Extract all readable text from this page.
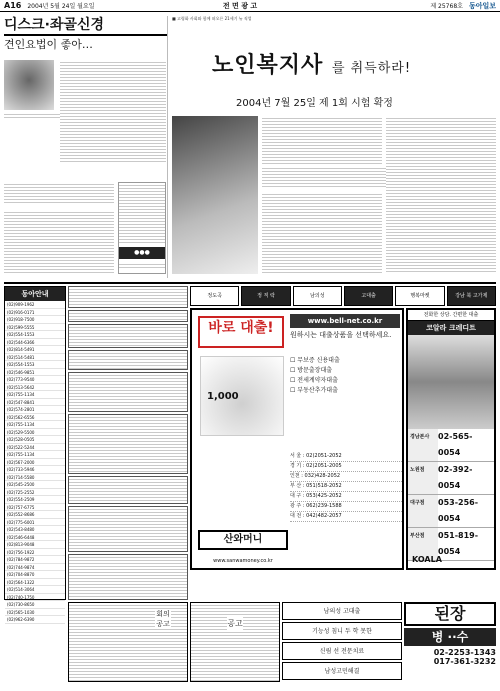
A16 2004년 5월 24일 월요일	전 면 광 고	제 25768호 동아일보
디스크·좌골신경
견인요법이 좋아…
●●●
■ 고령화 사회와 함께 떠오른 21세기 뉴 직업
노인복지사 를 취득하라!
2004년 7월 25일 제 1회 시험 확정
동아안내
(02)909-1962
(02)916-0171
(02)918-7500
(02)599-5555
(02)554-1553
(02)544-6366
(02)814-5491
(02)514-5481
(02)554-1553
(02)546-9851
(02)773-9540
(02)513-5642
(02)755-1134
(02)547-8841
(02)574-2801
(02)562-6556
(02)755-1134
(02)529-5500
(02)528-0505
(02)522-5244
(02)755-1134
(02)567-2000
(02)733-5946
(02)714-5580
(02)545-2500
(02)725-2552
(02)554-2509
(02)757-6775
(02)552-8686
(02)775-6001
(02)543-8480
(02)546-6448
(02)813-9048
(02)756-1922
(02)784-9872
(02)744-9874
(02)704-8870
(02)564-1322
(02)514-3064
(02)740-1750
(02)730-8650
(02)565-1030
(02)962-6390
정도곡	정 직 락	남의성	고대출	행복마켓	강남 북 고가제
바로 대출!	www.bell-net.co.kr
원하시는 대출상품을 선택하세요.
☐ 무보증 신용대출
☐ 방문출장대출
☐ 전세계약자대출
☐ 부동산추가대출
1,000
서 울 : 02)2051-2052
경 기 : 02)2051-2005
인천 : 032)428-2052
부 산 : 051)518-2052
대 구 : 053)425-2052
광 주 : 062)239-1588
대 전 : 042)482-2057
산와머니
www.sanwamoney.co.kr
전화한 상담. 간편한 대출
코알라 크레디트
경남본사	02-565-0054
노원점	02-392-0054
대구점	053-256-0054
부산점	051-819-0054
KOALA
회의 공고	공고
남의성 고대출
기능성 침니 두 학 못한
신림 선 전문치료
남성고민해결
된장
병 ··수
02-2253-1343
017-361-3232
